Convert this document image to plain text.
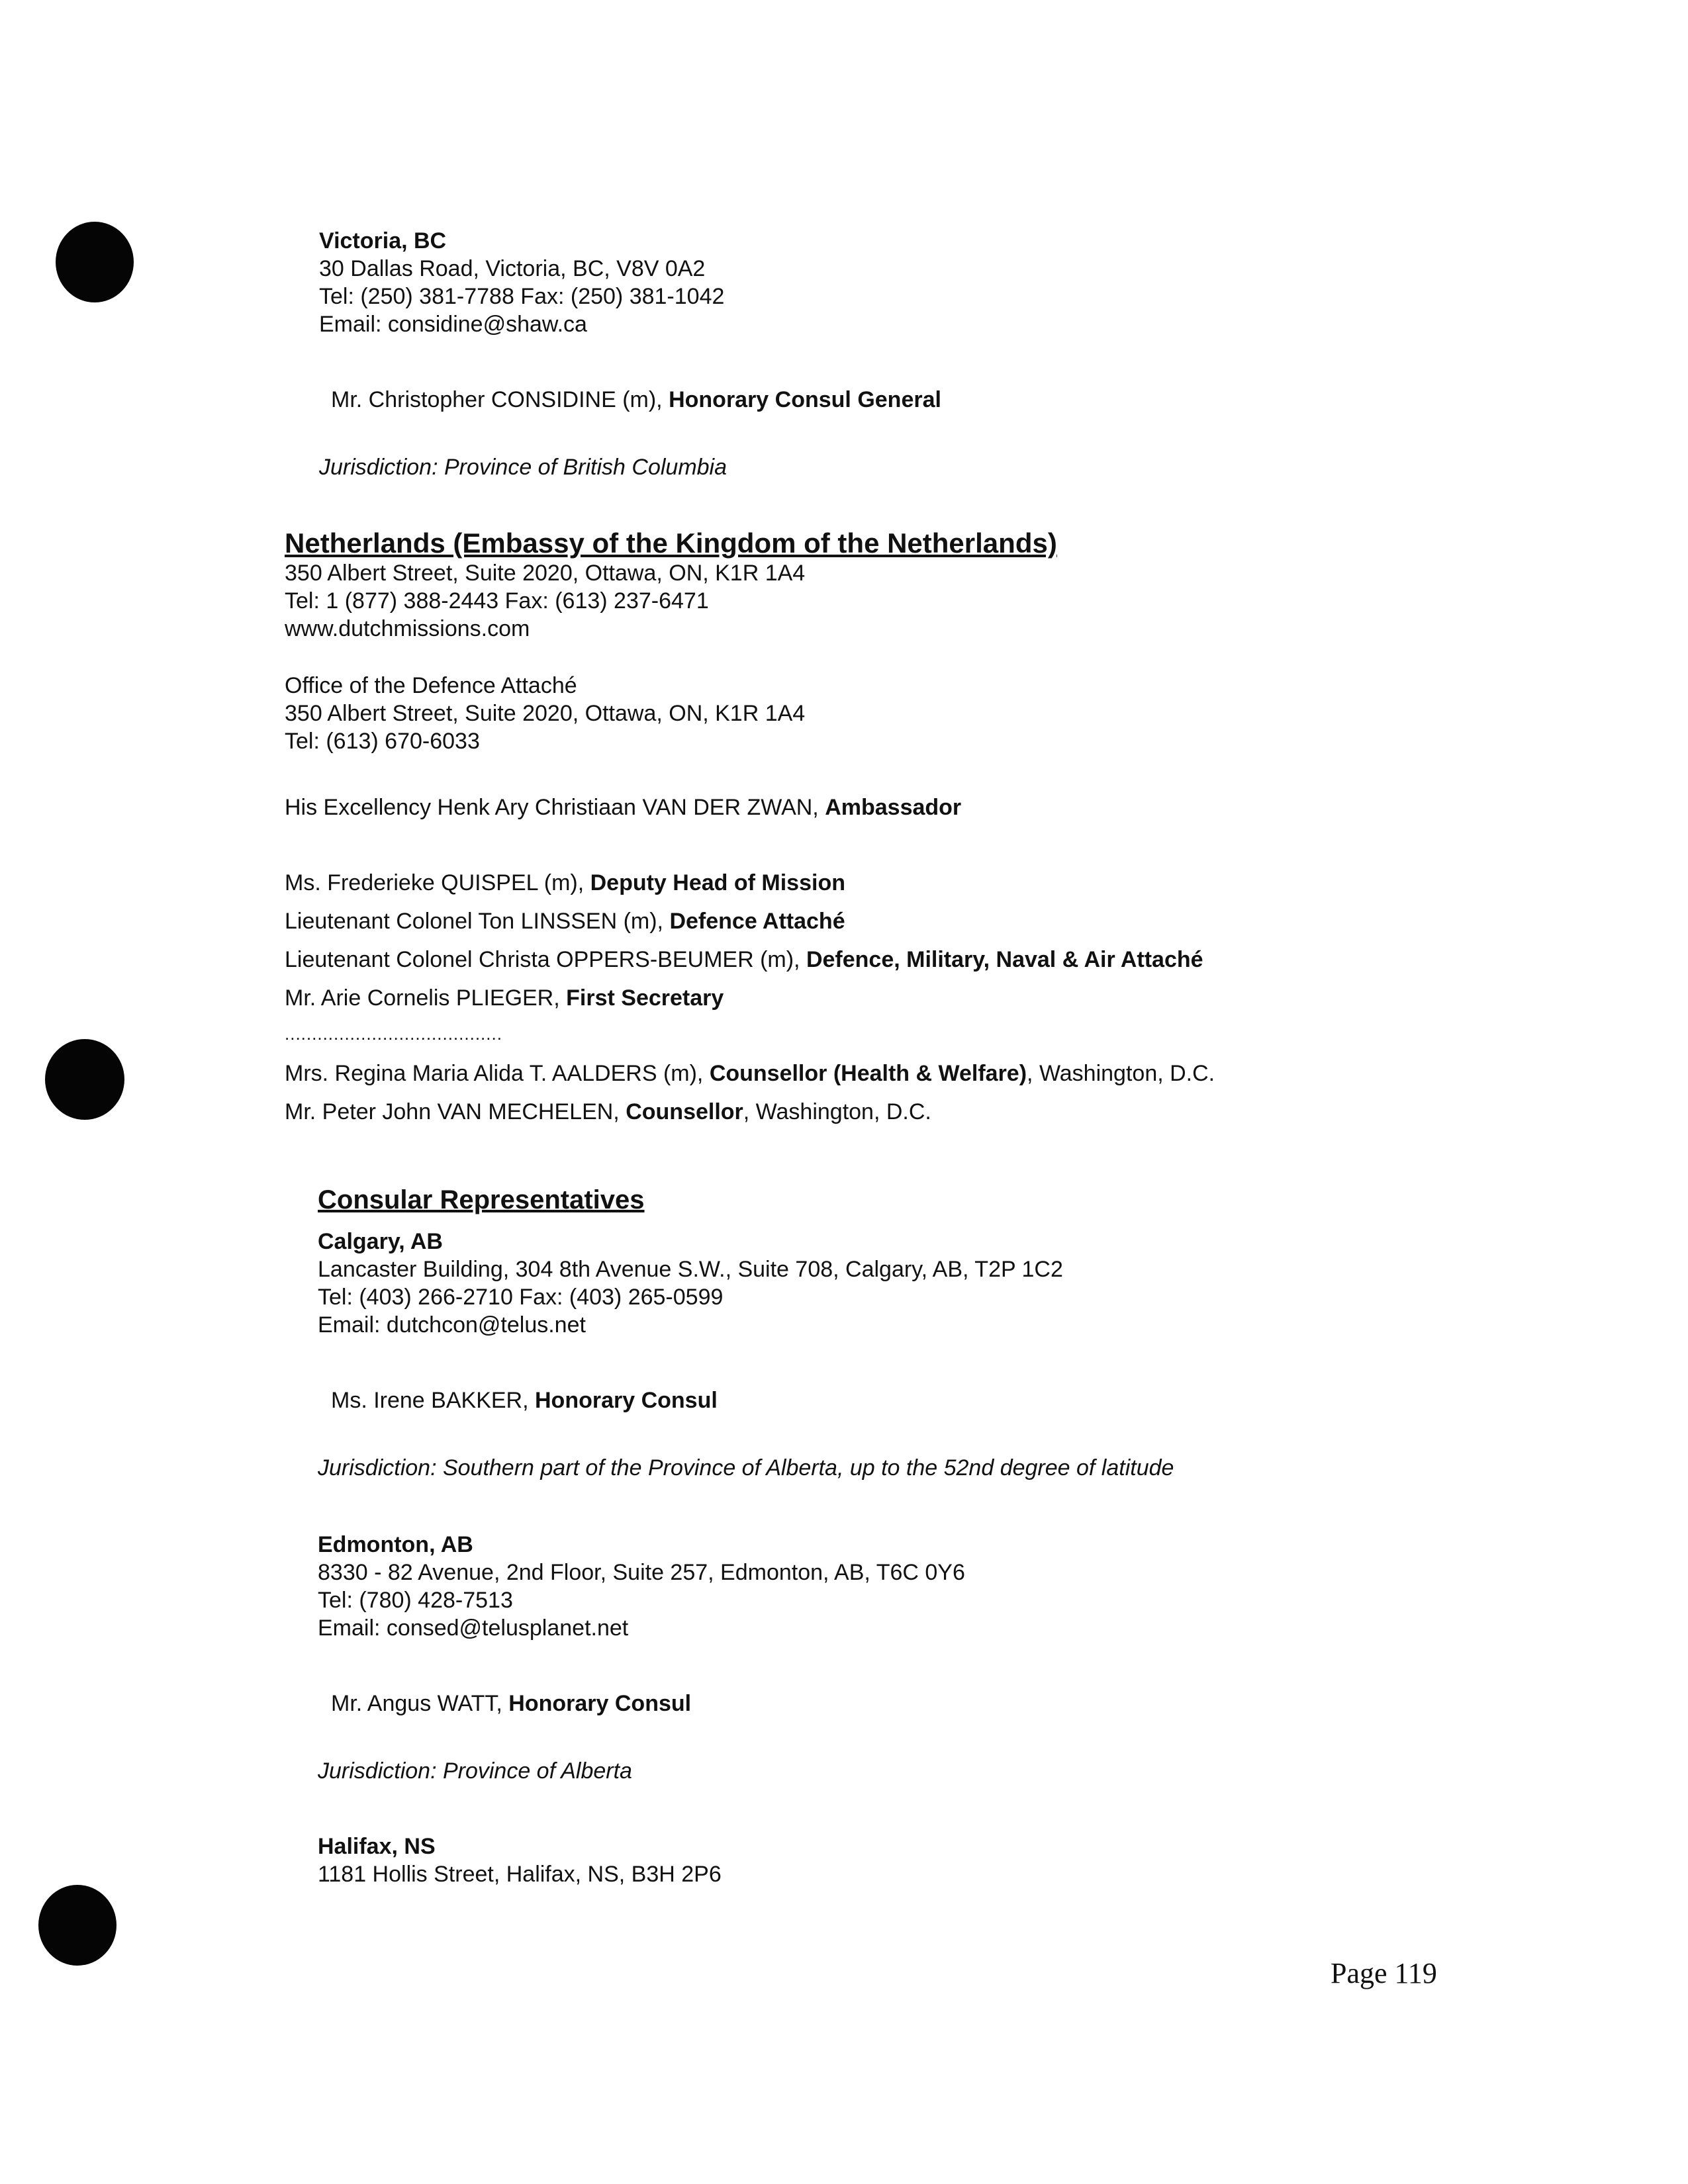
Victoria, BC
30 Dallas Road, Victoria, BC, V8V 0A2
Tel: (250) 381-7788 Fax: (250) 381-1042
Email: considine@shaw.ca
Mr. Christopher CONSIDINE (m), Honorary Consul General
Jurisdiction: Province of British Columbia
Netherlands (Embassy of the Kingdom of the Netherlands)
350 Albert Street, Suite 2020, Ottawa, ON, K1R 1A4
Tel: 1 (877) 388-2443 Fax: (613) 237-6471
www.dutchmissions.com
Office of the Defence Attaché
350 Albert Street, Suite 2020, Ottawa, ON, K1R 1A4
Tel: (613) 670-6033
His Excellency Henk Ary Christiaan VAN DER ZWAN, Ambassador
Ms. Frederieke QUISPEL (m), Deputy Head of Mission
Lieutenant Colonel Ton LINSSEN (m), Defence Attaché
Lieutenant Colonel Christa OPPERS-BEUMER (m), Defence, Military, Naval & Air Attaché
Mr. Arie Cornelis PLIEGER, First Secretary
........................................
Mrs. Regina Maria Alida T. AALDERS (m), Counsellor (Health & Welfare), Washington, D.C.
Mr. Peter John VAN MECHELEN, Counsellor, Washington, D.C.
Consular Representatives
Calgary, AB
Lancaster Building, 304 8th Avenue S.W., Suite 708, Calgary, AB, T2P 1C2
Tel: (403) 266-2710 Fax: (403) 265-0599
Email: dutchcon@telus.net
Ms. Irene BAKKER, Honorary Consul
Jurisdiction: Southern part of the Province of Alberta, up to the 52nd degree of latitude
Edmonton, AB
8330 - 82 Avenue, 2nd Floor, Suite 257, Edmonton, AB, T6C 0Y6
Tel: (780) 428-7513
Email: consed@telusplanet.net
Mr. Angus WATT, Honorary Consul
Jurisdiction: Province of Alberta
Halifax, NS
1181 Hollis Street, Halifax, NS, B3H 2P6
Page 119
